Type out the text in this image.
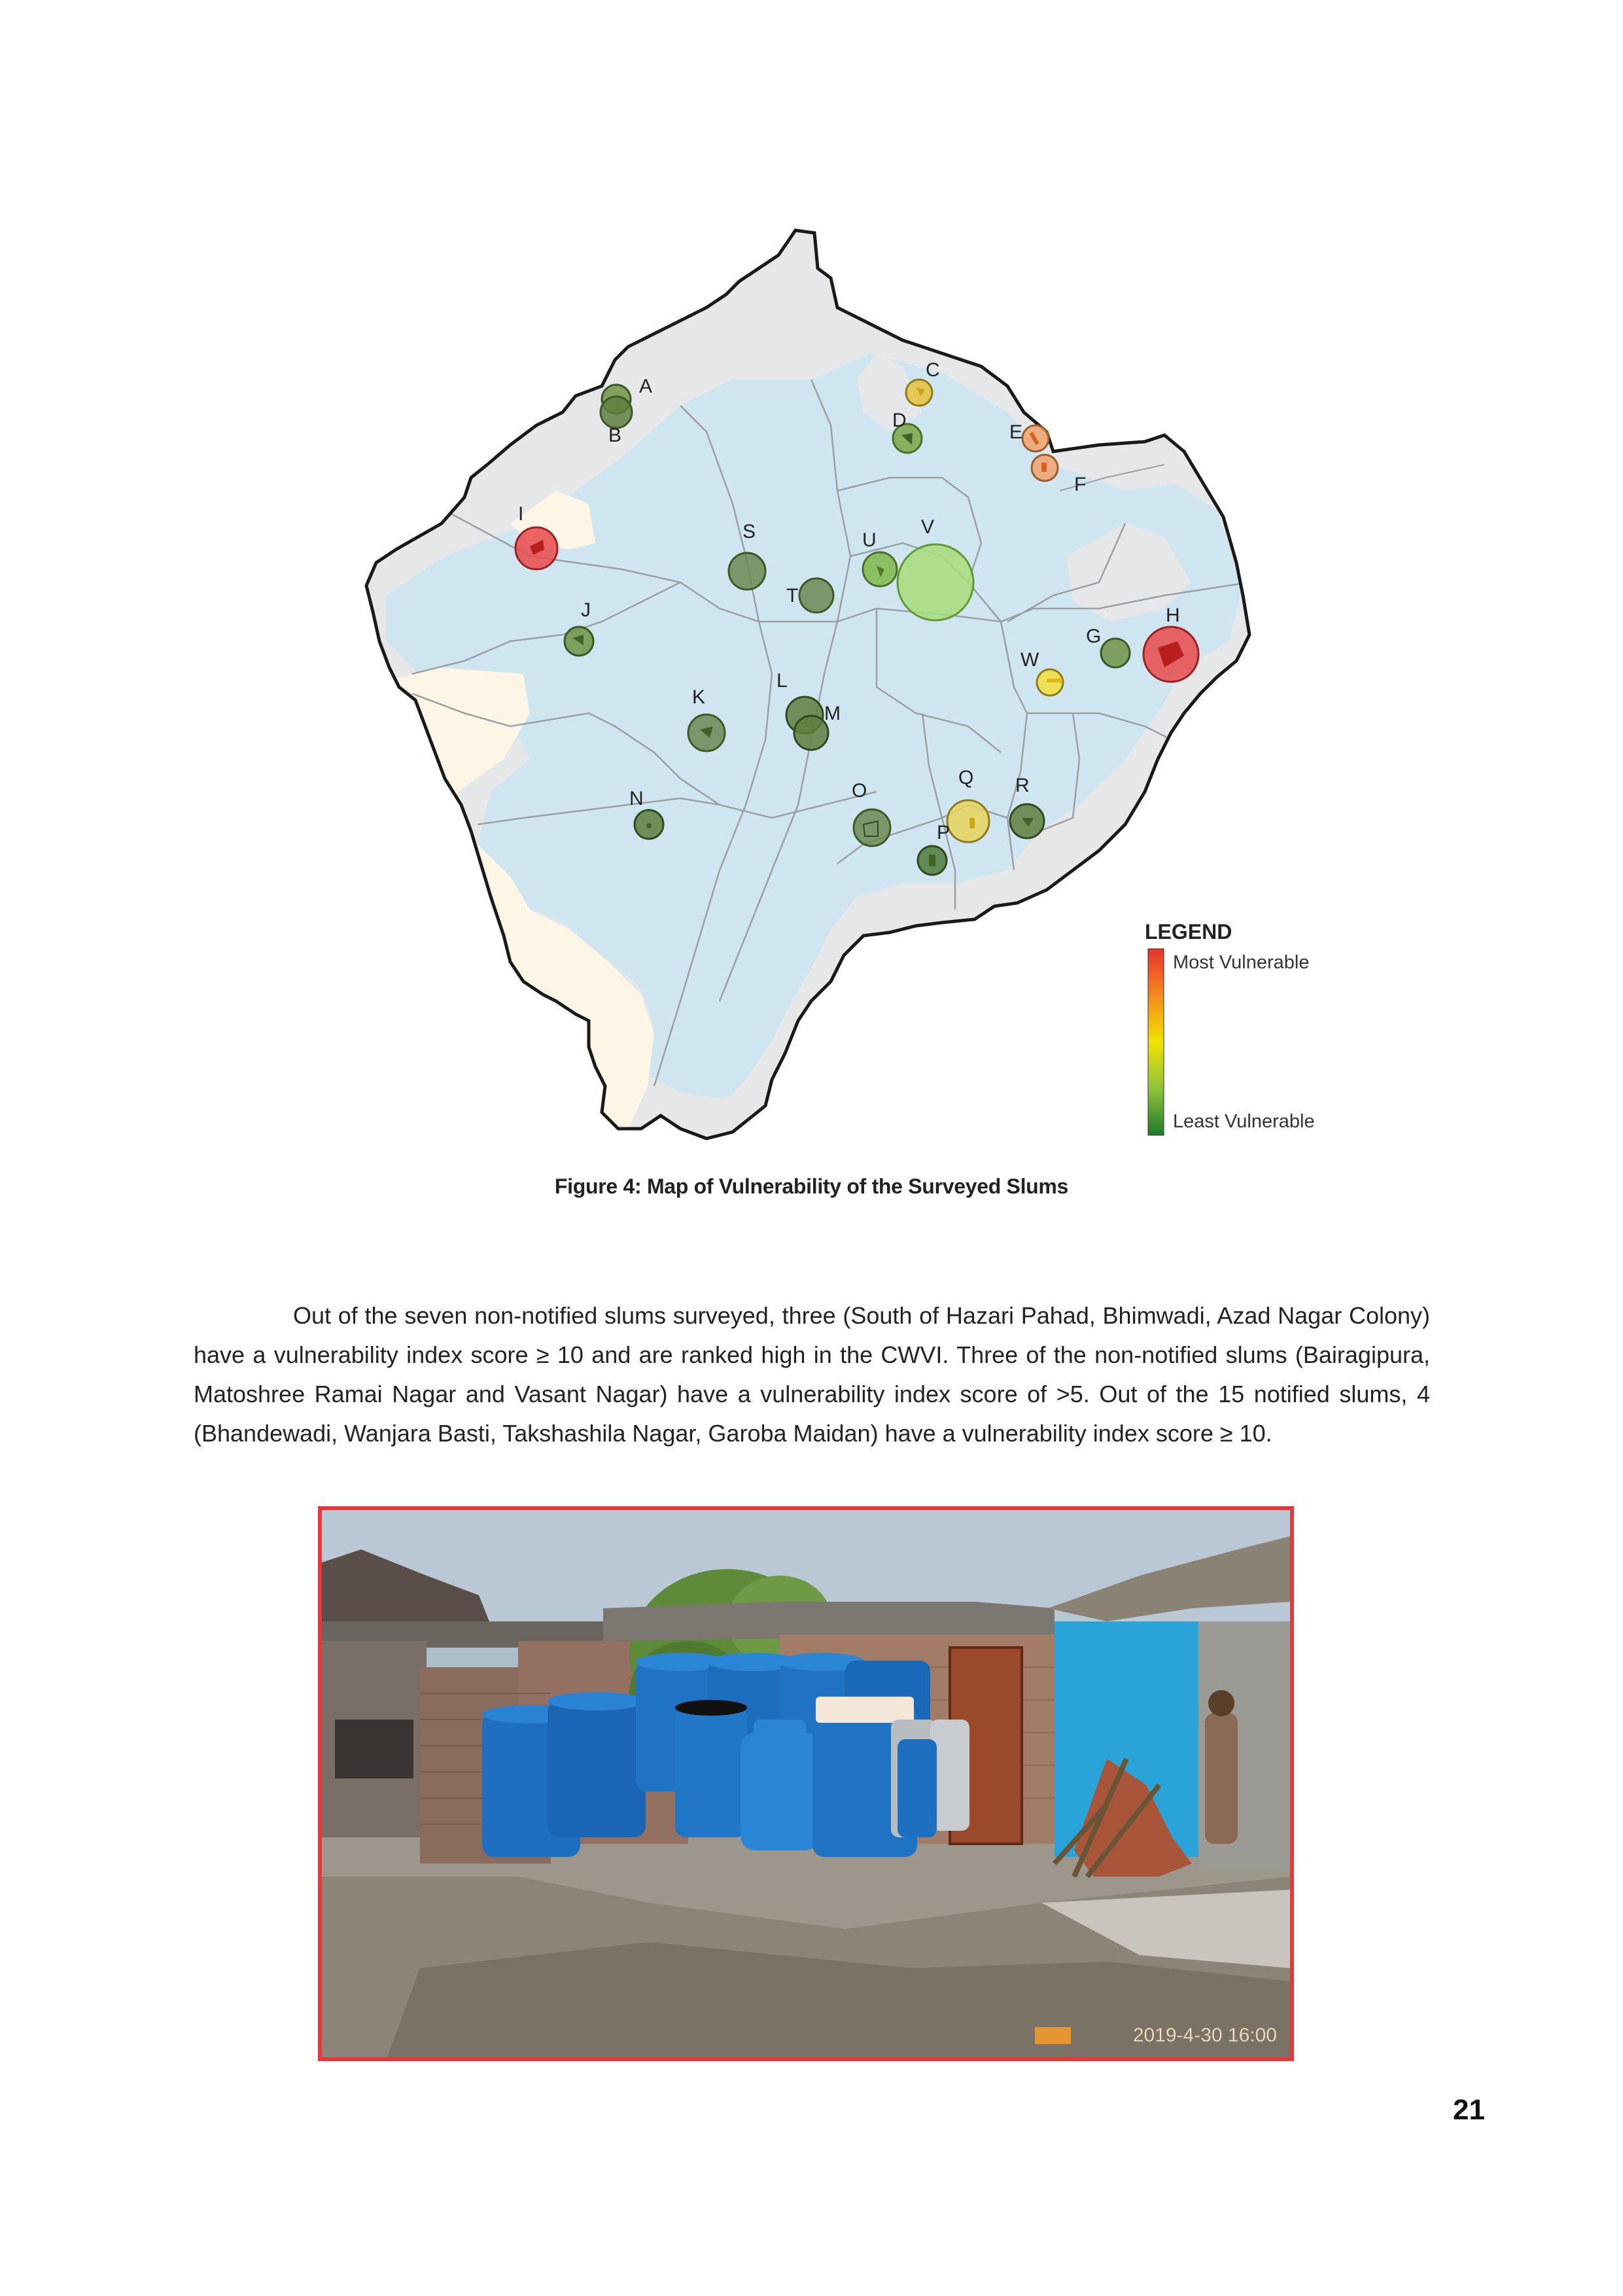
A
B
C
D
E
F
G
H
I
J
K
L
M
N	O
P
Q R
S
T
U
V
W
LEGEND
Most Vulnerable
Least Vulnerable
Figure 4: Map of Vulnerability of the Surveyed Slums

Out of the seven non-notified slums surveyed, three (South of Hazari Pahad, Bhimwadi, Azad Nagar Colony) have a vulnerability index score ≥ 10 and are ranked high in the CWVI. Three of the non-notified slums (Bairagipura, Matoshree Ramai Nagar and Vasant Nagar) have a vulnerability index score of >5. Out of the 15 notified slums, 4 (Bhandewadi, Wanjara Basti, Takshashila Nagar, Garoba Maidan) have a vulnerability index score ≥ 10.

2019-4-30 16:00
21
